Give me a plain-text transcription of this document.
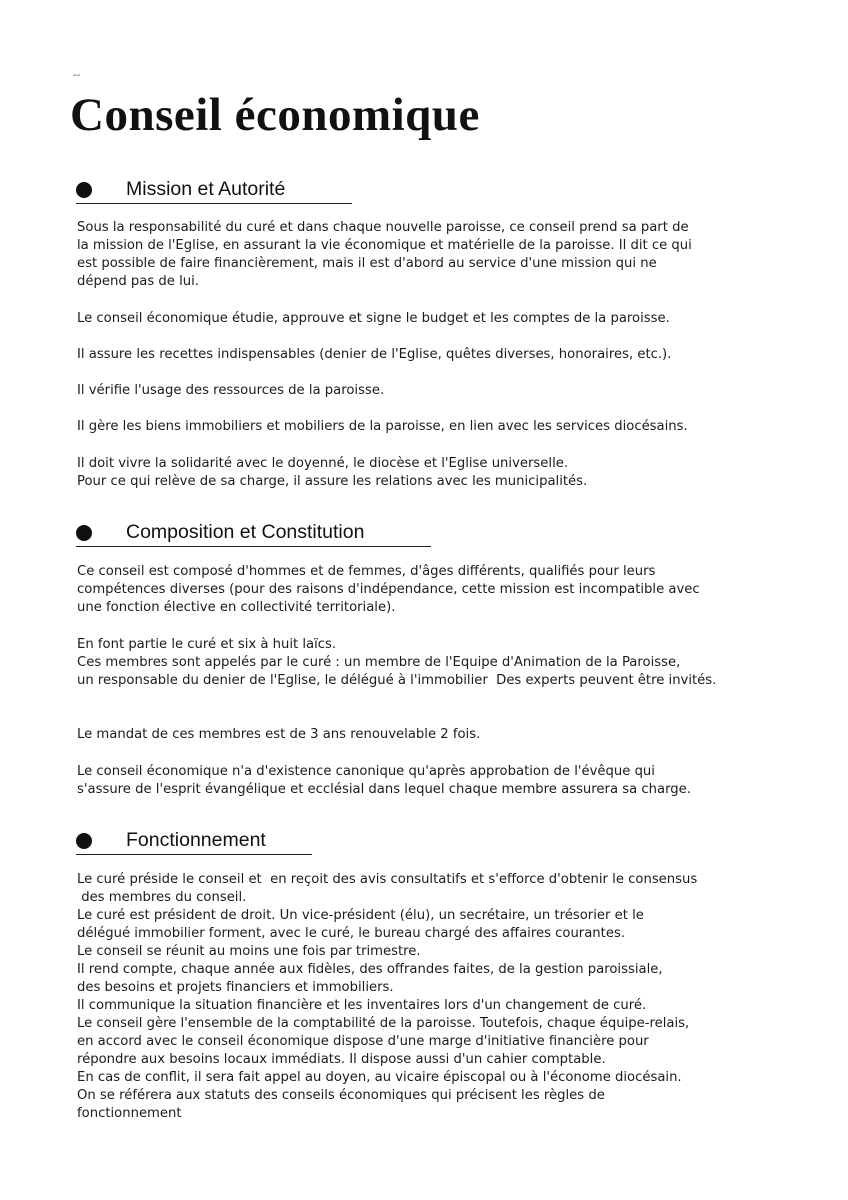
--
Conseil économique
Mission et Autorité

Sous la responsabilité du curé et dans chaque nouvelle paroisse, ce conseil prend sa part de
la mission de l'Eglise, en assurant la vie économique et matérielle de la paroisse. Il dit ce qui
est possible de faire financièrement, mais il est d'abord au service d'une mission qui ne
dépend pas de lui.

Le conseil économique étudie, approuve et signe le budget et les comptes de la paroisse.

Il assure les recettes indispensables (denier de l'Eglise, quêtes diverses, honoraires, etc.).

Il vérifie l'usage des ressources de la paroisse.

Il gère les biens immobiliers et mobiliers de la paroisse, en lien avec les services diocésains.

Il doit vivre la solidarité avec le doyenné, le diocèse et l'Eglise universelle.
Pour ce qui relève de sa charge, il assure les relations avec les municipalités.

Composition et Constitution

Ce conseil est composé d'hommes et de femmes, d'âges différents, qualifiés pour leurs
compétences diverses (pour des raisons d'indépendance, cette mission est incompatible avec
une fonction élective en collectivité territoriale).

En font partie le curé et six à huit laïcs.
Ces membres sont appelés par le curé : un membre de l'Equipe d'Animation de la Paroisse,
un responsable du denier de l'Eglise, le délégué à l'immobilier  Des experts peuvent être invités.

Le mandat de ces membres est de 3 ans renouvelable 2 fois.

Le conseil économique n'a d'existence canonique qu'après approbation de l'évêque qui
s'assure de l'esprit évangélique et ecclésial dans lequel chaque membre assurera sa charge.

Fonctionnement

Le curé préside le conseil et  en reçoit des avis consultatifs et s'efforce d'obtenir le consensus
des membres du conseil.
Le curé est président de droit. Un vice-président (élu), un secrétaire, un trésorier et le
délégué immobilier forment, avec le curé, le bureau chargé des affaires courantes.
Le conseil se réunit au moins une fois par trimestre.
Il rend compte, chaque année aux fidèles, des offrandes faites, de la gestion paroissiale,
des besoins et projets financiers et immobiliers.
Il communique la situation financière et les inventaires lors d'un changement de curé.
Le conseil gère l'ensemble de la comptabilité de la paroisse. Toutefois, chaque équipe-relais,
en accord avec le conseil économique dispose d'une marge d'initiative financière pour
répondre aux besoins locaux immédiats. Il dispose aussi d'un cahier comptable.
En cas de conflit, il sera fait appel au doyen, au vicaire épiscopal ou à l'économe diocésain.
On se référera aux statuts des conseils économiques qui précisent les règles de
fonctionnement
